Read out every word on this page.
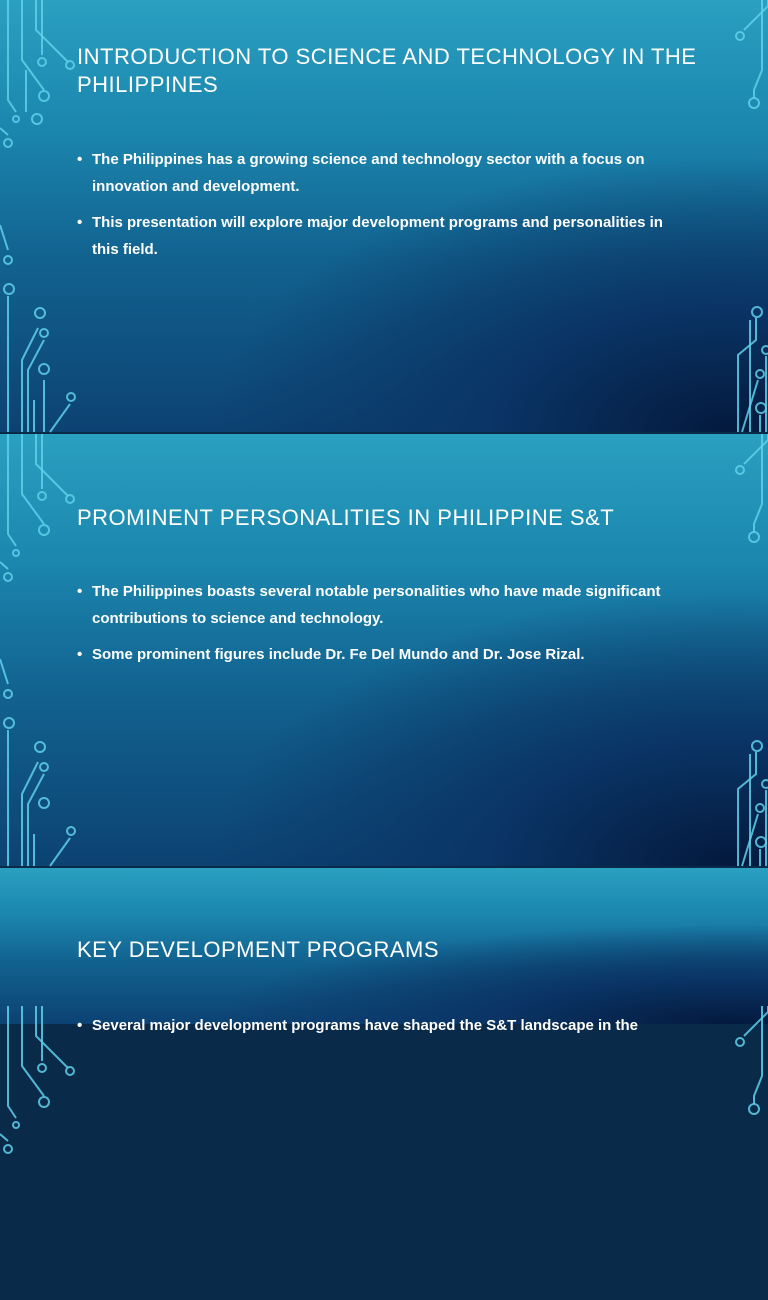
INTRODUCTION TO SCIENCE AND TECHNOLOGY IN THE PHILIPPINES
• The Philippines has a growing science and technology sector with a focus on innovation and development.
• This presentation will explore major development programs and personalities in this field.
PROMINENT PERSONALITIES IN PHILIPPINE S&T
• The Philippines boasts several notable personalities who have made significant contributions to science and technology.
• Some prominent figures include Dr. Fe Del Mundo and Dr. Jose Rizal.
KEY DEVELOPMENT PROGRAMS
• Several major development programs have shaped the S&T landscape in the
